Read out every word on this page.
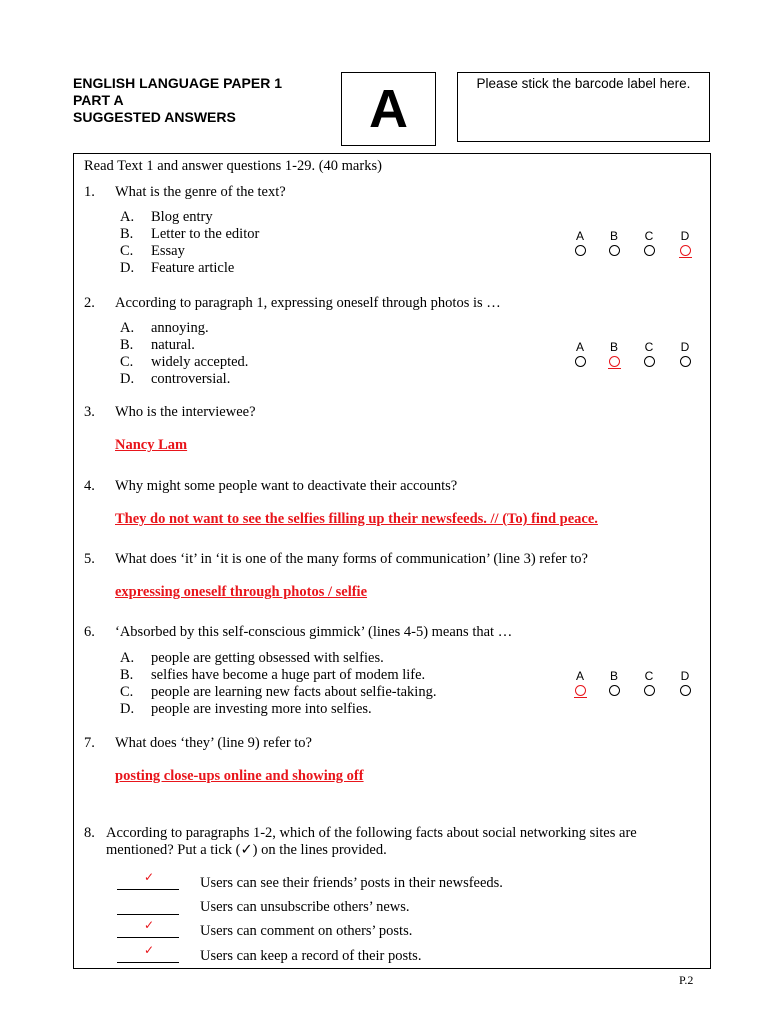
ENGLISH LANGUAGE PAPER 1
PART A
SUGGESTED ANSWERS	A	Please stick the barcode label here.
Read Text 1 and answer questions 1-29. (40 marks)
1. What is the genre of the text?
A. Blog entry
B. Letter to the editor
C. Essay
D. Feature article
A	B	C	D
2. According to paragraph 1, expressing oneself through photos is …
A. annoying.
B. natural.
C. widely accepted.
D. controversial.
A	B	C	D
3. Who is the interviewee?
Nancy Lam
4. Why might some people want to deactivate their accounts?
They do not want to see the selfies filling up their newsfeeds. // (To) find peace.
5. What does ‘it’ in ‘it is one of the many forms of communication’ (line 3) refer to?
expressing oneself through photos / selfie
6. ‘Absorbed by this self-conscious gimmick’ (lines 4-5) means that …
A. people are getting obsessed with selfies.
B. selfies have become a huge part of modem life.
C. people are learning new facts about selfie-taking.
D. people are investing more into selfies.
A	B	C	D
7. What does ‘they’ (line 9) refer to?
posting close-ups online and showing off
8. According to paragraphs 1-2, which of the following facts about social networking sites are
mentioned? Put a tick (✓) on the lines provided.
✓	Users can see their friends’ posts in their newsfeeds.
Users can unsubscribe others’ news.
✓	Users can comment on others’ posts.
✓	Users can keep a record of their posts.
P.2
